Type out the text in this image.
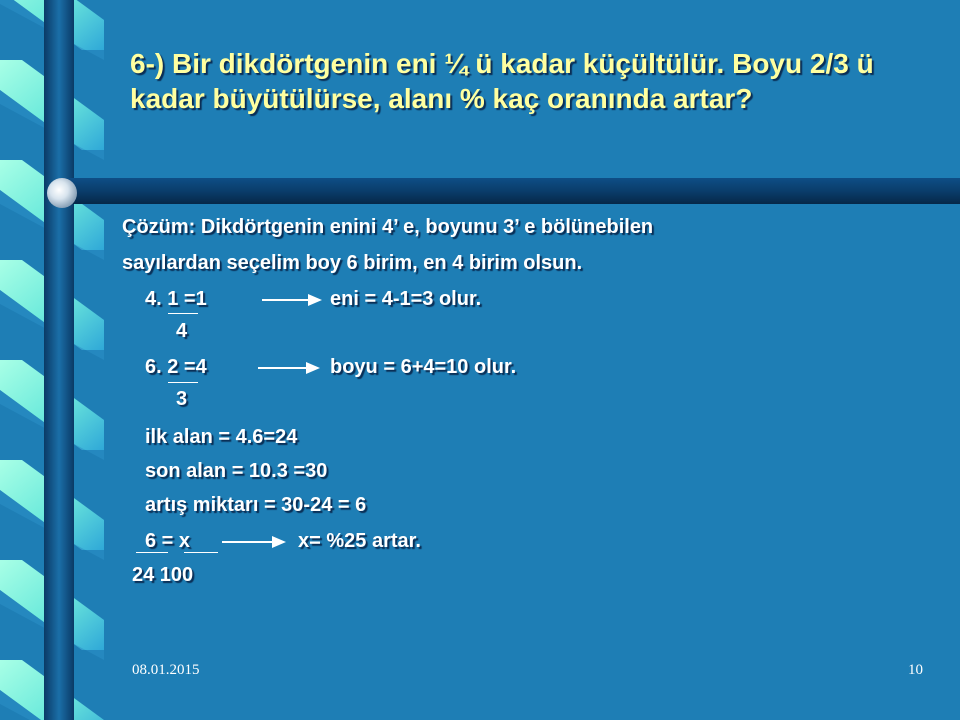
6-) Bir dikdörtgenin eni ¼ ü kadar küçültülür. Boyu 2/3 ü kadar büyütülürse, alanı % kaç oranında artar?
Çözüm: Dikdörtgenin enini 4’ e, boyunu 3’ e bölünebilen
sayılardan seçelim boy 6 birim, en 4 birim olsun.
4. 1 =1	eni = 4-1=3 olur.
4
6. 2 =4	boyu = 6+4=10 olur.
3
ilk alan = 4.6=24
son alan = 10.3 =30
artış miktarı = 30-24 = 6
6 = x	x= %25 artar.
24 100
08.01.2015	10
